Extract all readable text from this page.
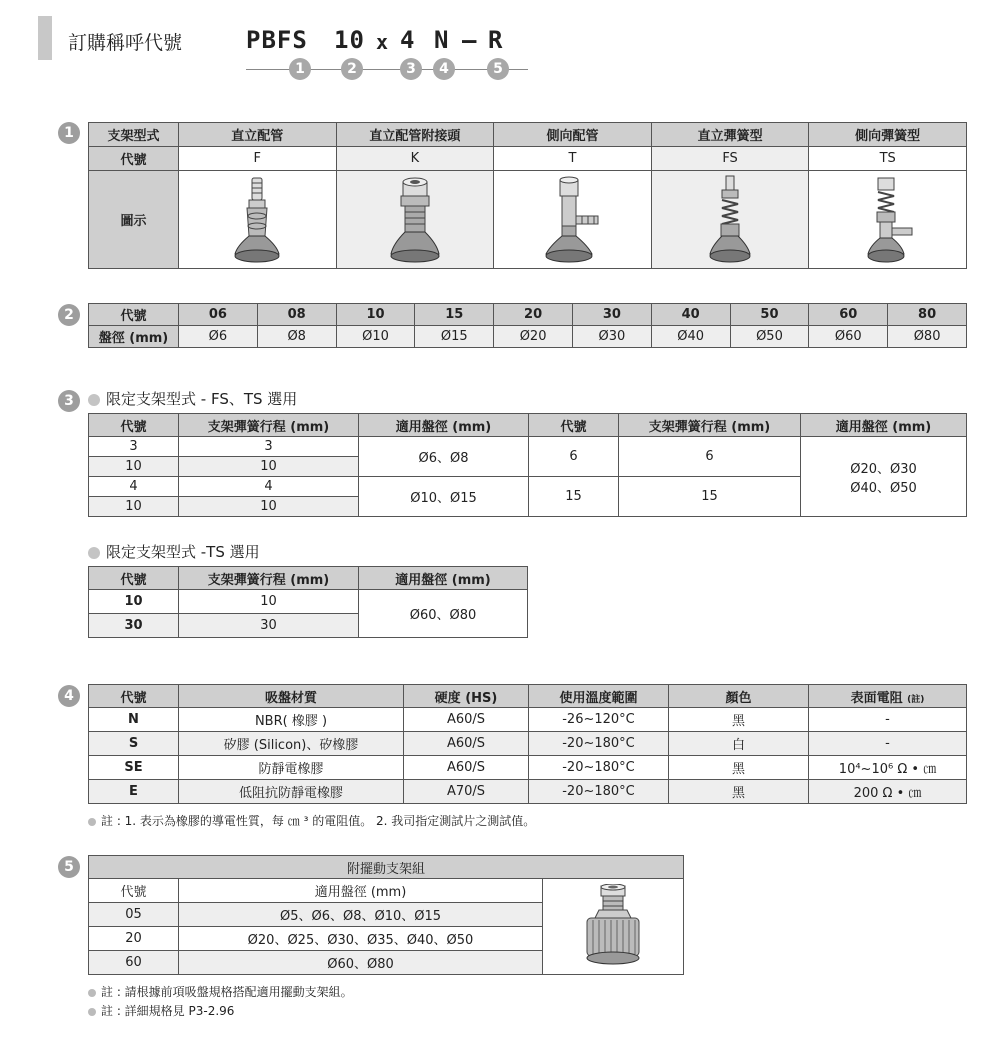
訂購稱呼代號	PBFS 10 x 4 N – R
1	2	3	4	5
1	支架型式	直立配管	直立配管附接頭	側向配管	直立彈簧型	側向彈簧型
代號	F	K	T	FS	TS
圖示	

2	代號	06	08	10	15	20	30	40	50	60	80
盤徑 (mm)	Ø6	Ø8	Ø10	Ø15	Ø20	Ø30	Ø40	Ø50	Ø60	Ø80
3	限定支架型式 - FS、TS 選用
代號	支架彈簧行程 (mm)	適用盤徑 (mm)	代號	支架彈簧行程 (mm)	適用盤徑 (mm)
3	3	Ø6、Ø8	6	6	Ø20、Ø30
Ø40、Ø50

10	10				
4	4	Ø10、Ø15	15	15	
10	10				
限定支架型式 -TS 選用
代號	支架彈簧行程 (mm)	適用盤徑 (mm)
10	10	Ø60、Ø80
30	30	
4	代號	吸盤材質	硬度 (HS)	使用溫度範圍	顏色	表面電阻 (註)
N	NBR( 橡膠 )	A60/S	-26~120°C	黑	-
S	矽膠 (Silicon)、矽橡膠	A60/S	-20~180°C	白	-
SE	防靜電橡膠	A60/S	-20~180°C	黑	10⁴~10⁶ Ω • ㎝
E	低阻抗防靜電橡膠	A70/S	-20~180°C	黑	200 Ω • ㎝
註 : 1. 表示為橡膠的導電性質，每 ㎝ ³ 的電阻值。 2. 我司指定測試片之測試值。
5	附擺動支架組		
代號	適用盤徑 (mm)	

05	Ø5、Ø6、Ø8、Ø10、Ø15	
20	Ø20、Ø25、Ø30、Ø35、Ø40、Ø50	
60	Ø60、Ø80	
註 : 請根據前項吸盤規格搭配適用擺動支架組。
註 : 詳細規格見 P3-2.96
